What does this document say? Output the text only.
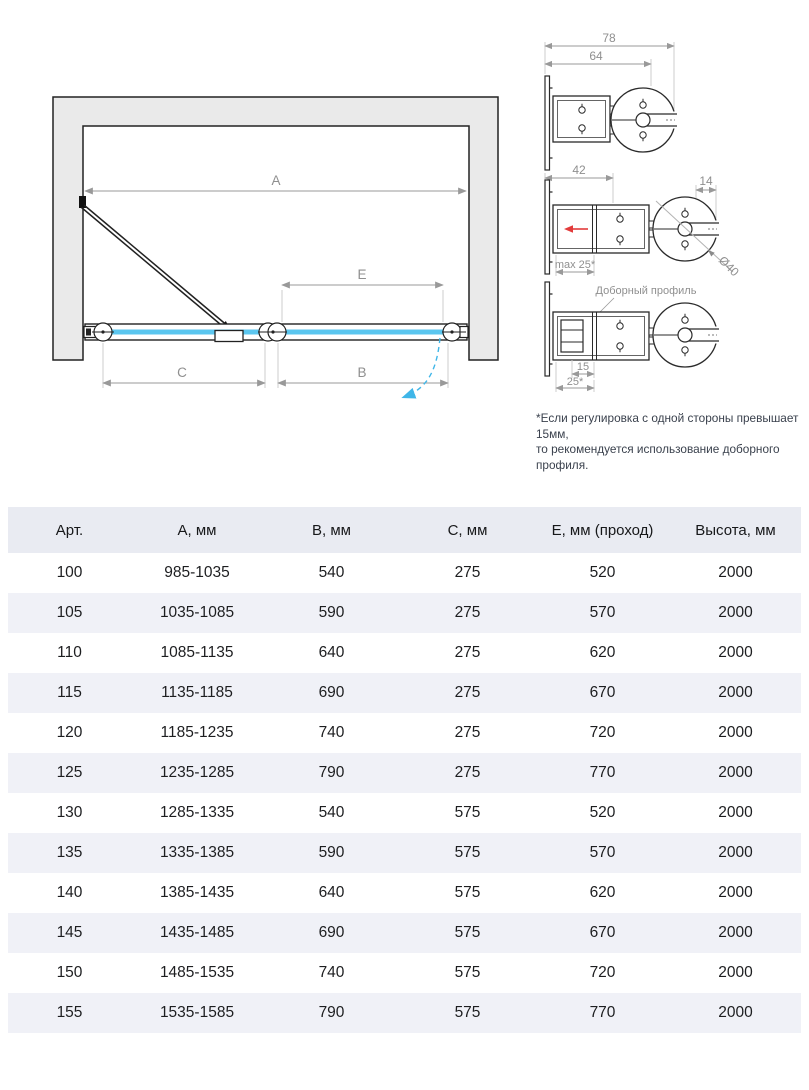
A
E
C	B
78
64
42
14
Ø40
max 25*
Доборный профиль
15
25*
*Если регулировка с одной стороны превышает 15мм,
то рекомендуется использование доборного профиля.
Арт.	А, мм	В, мм	С, мм	Е, мм (проход)	Высота, мм
100	985-1035	540	275	520	2000
105	1035-1085	590	275	570	2000
110	1085-1135	640	275	620	2000
115	1135-1185	690	275	670	2000
120	1185-1235	740	275	720	2000
125	1235-1285	790	275	770	2000
130	1285-1335	540	575	520	2000
135	1335-1385	590	575	570	2000
140	1385-1435	640	575	620	2000
145	1435-1485	690	575	670	2000
150	1485-1535	740	575	720	2000
155	1535-1585	790	575	770	2000
